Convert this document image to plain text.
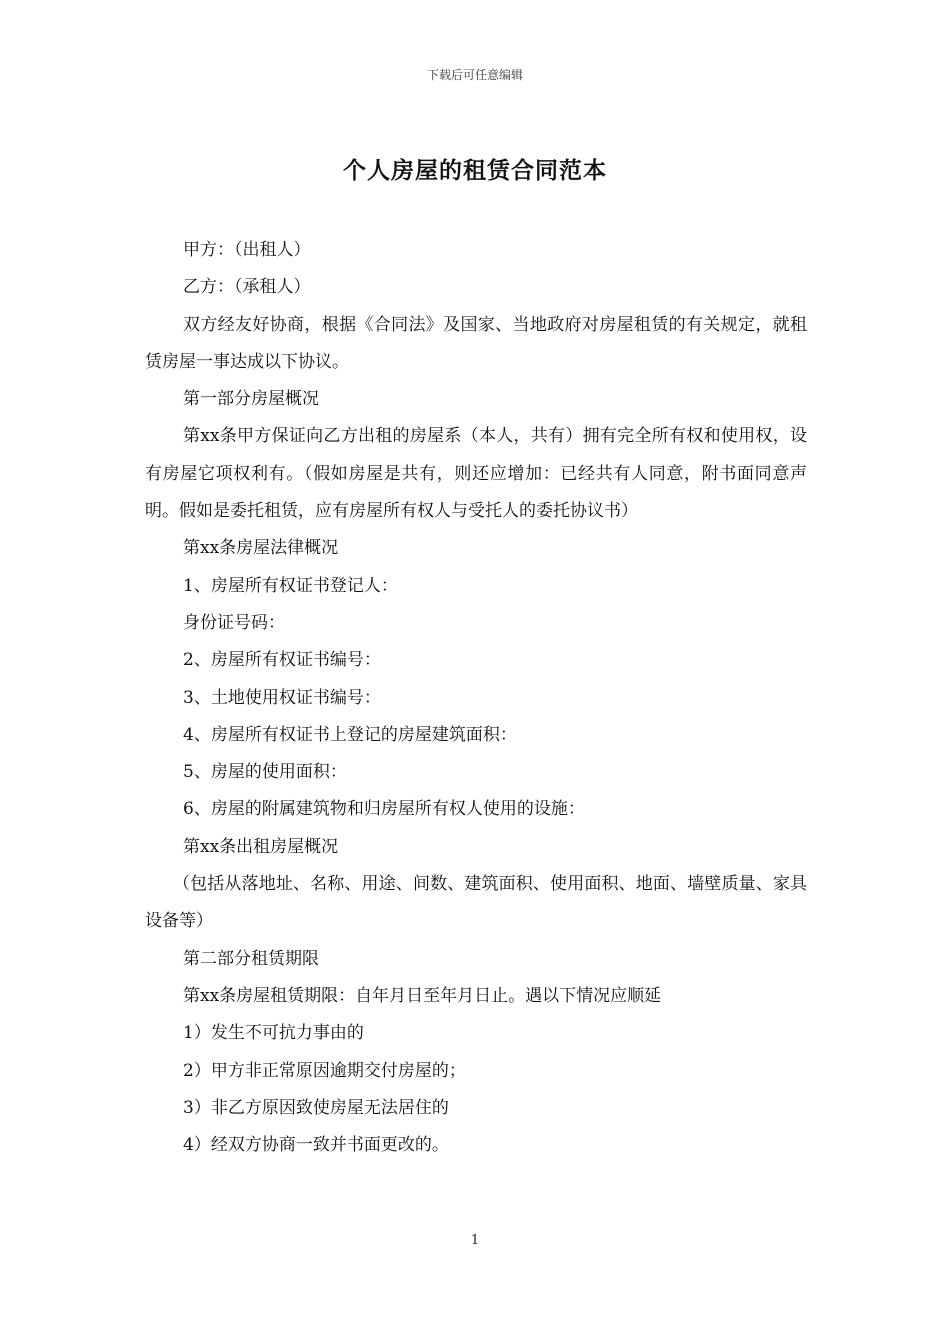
下载后可任意编辑
个人房屋的租赁合同范本

甲方：（出租人）

乙方：（承租人）

双方经友好协商，根据《合同法》及国家、当地政府对房屋租赁的有关规定，就租赁房屋一事达成以下协议。

第一部分房屋概况

第xx条甲方保证向乙方出租的房屋系（本人，共有）拥有完全所有权和使用权，设有房屋它项权利有。（假如房屋是共有，则还应增加：已经共有人同意，附书面同意声明。假如是委托租赁，应有房屋所有权人与受托人的委托协议书）

第xx条房屋法律概况

1、房屋所有权证书登记人：

身份证号码：

2、房屋所有权证书编号：

3、土地使用权证书编号：

4、房屋所有权证书上登记的房屋建筑面积：

5、房屋的使用面积：

6、房屋的附属建筑物和归房屋所有权人使用的设施：

第xx条出租房屋概况

（包括从落地址、名称、用途、间数、建筑面积、使用面积、地面、墙壁质量、家具设备等）

第二部分租赁期限

第xx条房屋租赁期限：自年月日至年月日止。遇以下情况应顺延

1）发生不可抗力事由的

2）甲方非正常原因逾期交付房屋的；

3）非乙方原因致使房屋无法居住的

4）经双方协商一致并书面更改的。

1
